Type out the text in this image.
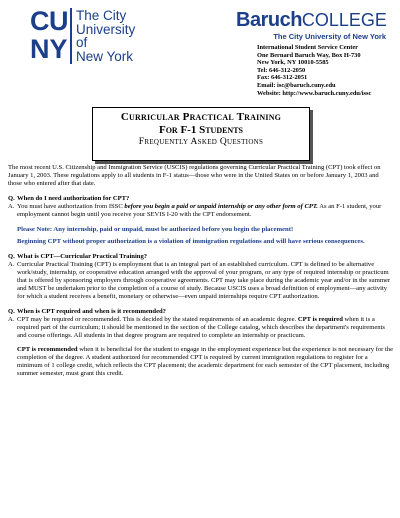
C U
N Y
The City
University
of
New York
BaruchCOLLEGE
The City University of New York
International Student Service Center
One Bernard Baruch Way, Box H-730
New York, NY 10010-5585
Tel: 646-312-2050
Fax: 646-312-2051
Email: isc@baruch.cuny.edu
Website: http://www.baruch.cuny.edu/issc
Curricular Practical Training
For F-1 Students
Frequently Asked Questions

The most recent U.S. Citizenship and Immigration Service (USCIS) regulations governing Curricular Practical Training (CPT) took effect on January 1, 2003. These regulations apply to all students in F-1 status—those who were in the United States on or before January 1, 2003 and those who entered after that date.

Q. When do I need authorization for CPT?
A. You must have authorization from ISSC before you begin a paid or unpaid internship or any other form of CPT. As an F-1 student, your employment cannot begin until you receive your SEVIS I-20 with the CPT endorsement.

Please Note: Any internship, paid or unpaid, must be authorized before you begin the placement!

Beginning CPT without proper authorization is a violation of immigration regulations and will have serious consequences.

Q. What is CPT—Curricular Practical Training?
A. Curricular Practical Training (CPT) is employment that is an integral part of an established curriculum. CPT is defined to be alternative work/study, internship, or cooperative education arranged with the approval of your program, or any type of required internship or practicum that is offered by sponsoring employers through cooperative agreements. CPT may take place during the academic year and/or in the summer and MUST be undertaken prior to the completion of a course of study. Because USCIS uses a broad definition of employment—any activity for which a student receives a benefit, monetary or otherwise—even unpaid internships require CPT authorization.
Q. When is CPT required and when is it recommended?
A. CPT may be required or recommended. This is decided by the stated requirements of an academic degree. CPT is required when it is a required part of the curriculum; it should be mentioned in the section of the College catalog, which describes the department's requirements and course offerings. All students in that degree program are required to complete an internship or practicum.
CPT is recommended when it is beneficial for the student to engage in the employment experience but the experience is not necessary for the completion of the degree. A student authorized for recommended CPT is required by current immigration regulations to register for a minimum of 1 college credit, which reflects the CPT placement; the academic department for each semester of the CPT placement, including summer semester, must grant this credit.
